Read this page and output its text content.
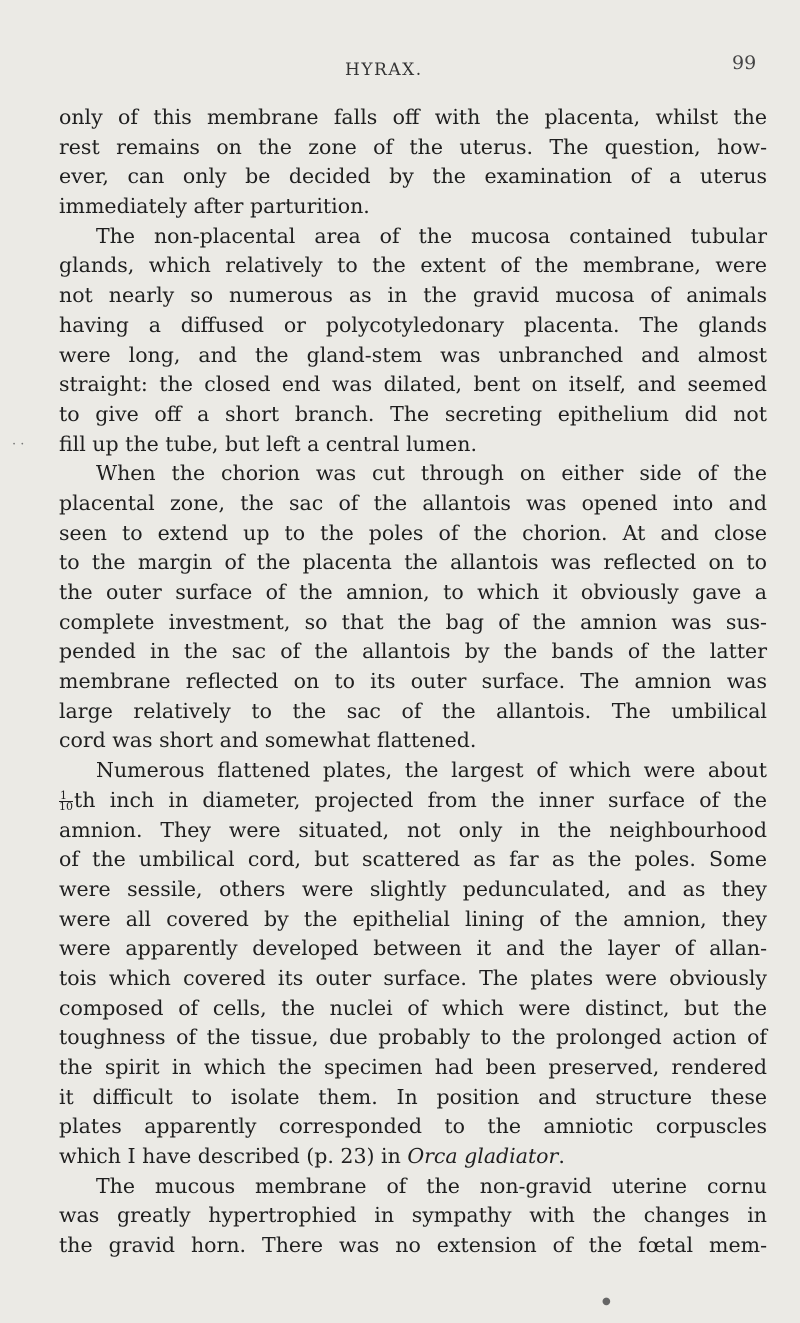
HYRAX.	99
· ·
only of this membrane falls off with the placenta, whilst the
rest remains on the zone of the uterus. The question, how-
ever, can only be decided by the examination of a uterus
immediately after parturition.
The non-placental area of the mucosa contained tubular
glands, which relatively to the extent of the membrane, were
not nearly so numerous as in the gravid mucosa of animals
having a diffused or polycotyledonary placenta. The glands
were long, and the gland-stem was unbranched and almost
straight: the closed end was dilated, bent on itself, and seemed
to give off a short branch. The secreting epithelium did not
fill up the tube, but left a central lumen.
When the chorion was cut through on either side of the
placental zone, the sac of the allantois was opened into and
seen to extend up to the poles of the chorion. At and close
to the margin of the placenta the allantois was reflected on to
the outer surface of the amnion, to which it obviously gave a
complete investment, so that the bag of the amnion was sus-
pended in the sac of the allantois by the bands of the latter
membrane reflected on to its outer surface. The amnion was
large relatively to the sac of the allantois. The umbilical
cord was short and somewhat flattened.
Numerous flattened plates, the largest of which were about
$\frac{1}{10}$ th inch in diameter, projected from the inner surface of the
amnion. They were situated, not only in the neighbourhood
of the umbilical cord, but scattered as far as the poles. Some
were sessile, others were slightly pedunculated, and as they
were all covered by the epithelial lining of the amnion, they
were apparently developed between it and the layer of allan-
tois which covered its outer surface. The plates were obviously
composed of cells, the nuclei of which were distinct, but the
toughness of the tissue, due probably to the prolonged action of
the spirit in which the specimen had been preserved, rendered
it difficult to isolate them. In position and structure these
plates apparently corresponded to the amniotic corpuscles
which I have described (p. 23) in Orca gladiator.
The mucous membrane of the non-gravid uterine cornu
was greatly hypertrophied in sympathy with the changes in
the gravid horn. There was no extension of the fœtal mem-
●
